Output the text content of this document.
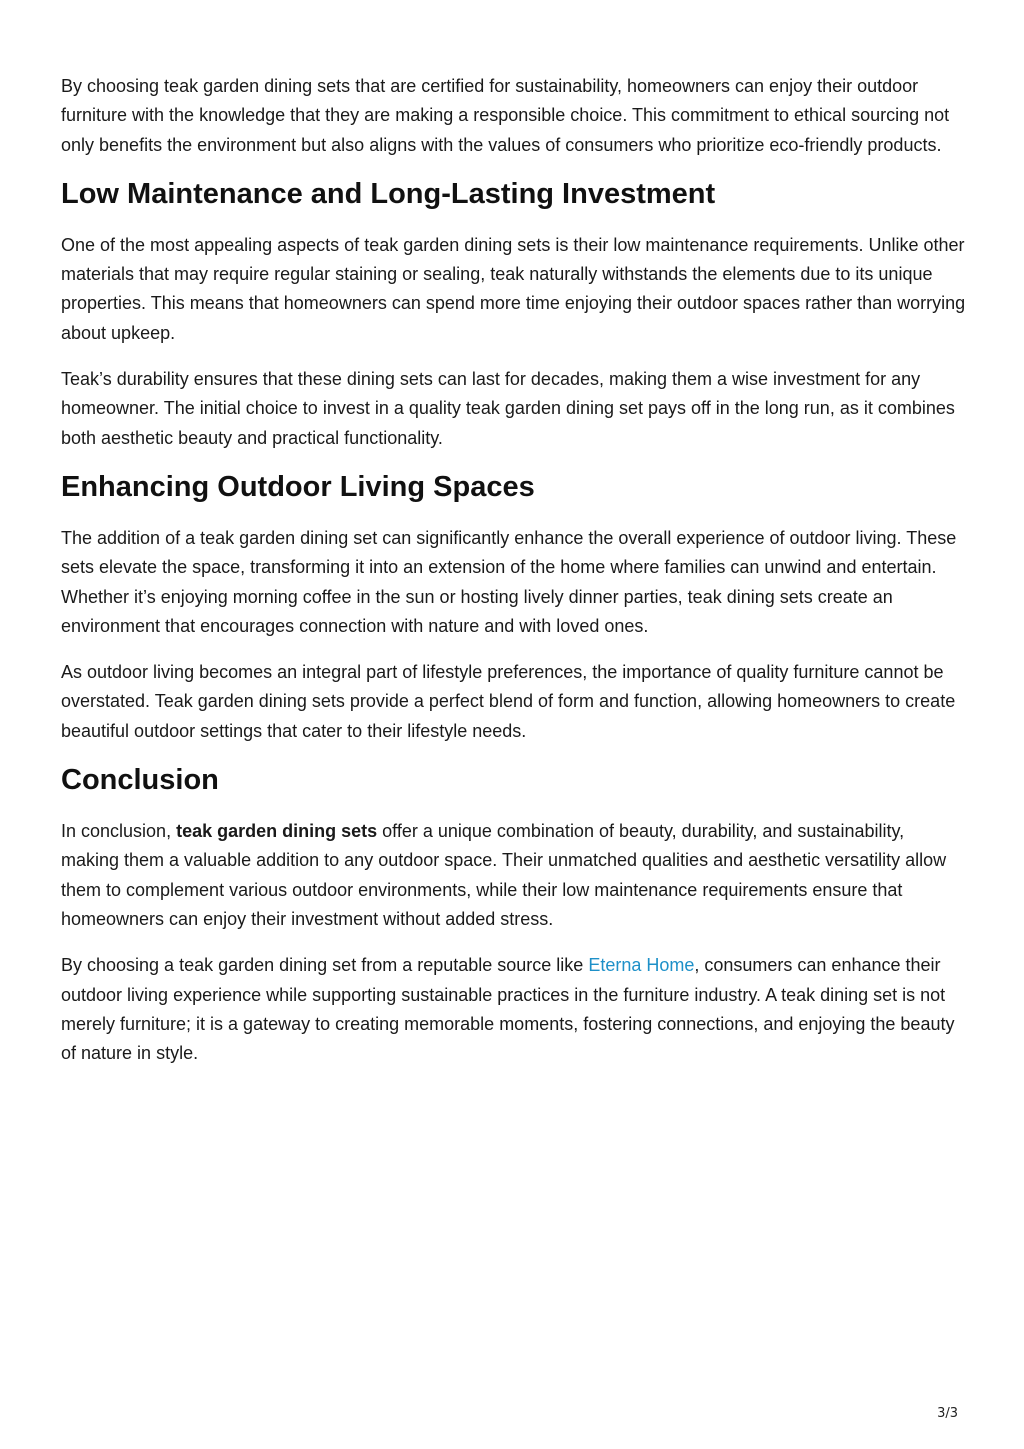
By choosing teak garden dining sets that are certified for sustainability, homeowners can enjoy their outdoor furniture with the knowledge that they are making a responsible choice. This commitment to ethical sourcing not only benefits the environment but also aligns with the values of consumers who prioritize eco-friendly products.

Low Maintenance and Long-Lasting Investment

One of the most appealing aspects of teak garden dining sets is their low maintenance requirements. Unlike other materials that may require regular staining or sealing, teak naturally withstands the elements due to its unique properties. This means that homeowners can spend more time enjoying their outdoor spaces rather than worrying about upkeep.

Teak’s durability ensures that these dining sets can last for decades, making them a wise investment for any homeowner. The initial choice to invest in a quality teak garden dining set pays off in the long run, as it combines both aesthetic beauty and practical functionality.

Enhancing Outdoor Living Spaces

The addition of a teak garden dining set can significantly enhance the overall experience of outdoor living. These sets elevate the space, transforming it into an extension of the home where families can unwind and entertain. Whether it’s enjoying morning coffee in the sun or hosting lively dinner parties, teak dining sets create an environment that encourages connection with nature and with loved ones.

As outdoor living becomes an integral part of lifestyle preferences, the importance of quality furniture cannot be overstated. Teak garden dining sets provide a perfect blend of form and function, allowing homeowners to create beautiful outdoor settings that cater to their lifestyle needs.

Conclusion

In conclusion, teak garden dining sets offer a unique combination of beauty, durability, and sustainability, making them a valuable addition to any outdoor space. Their unmatched qualities and aesthetic versatility allow them to complement various outdoor environments, while their low maintenance requirements ensure that homeowners can enjoy their investment without added stress.

By choosing a teak garden dining set from a reputable source like Eterna Home, consumers can enhance their outdoor living experience while supporting sustainable practices in the furniture industry. A teak dining set is not merely furniture; it is a gateway to creating memorable moments, fostering connections, and enjoying the beauty of nature in style.

3/3
